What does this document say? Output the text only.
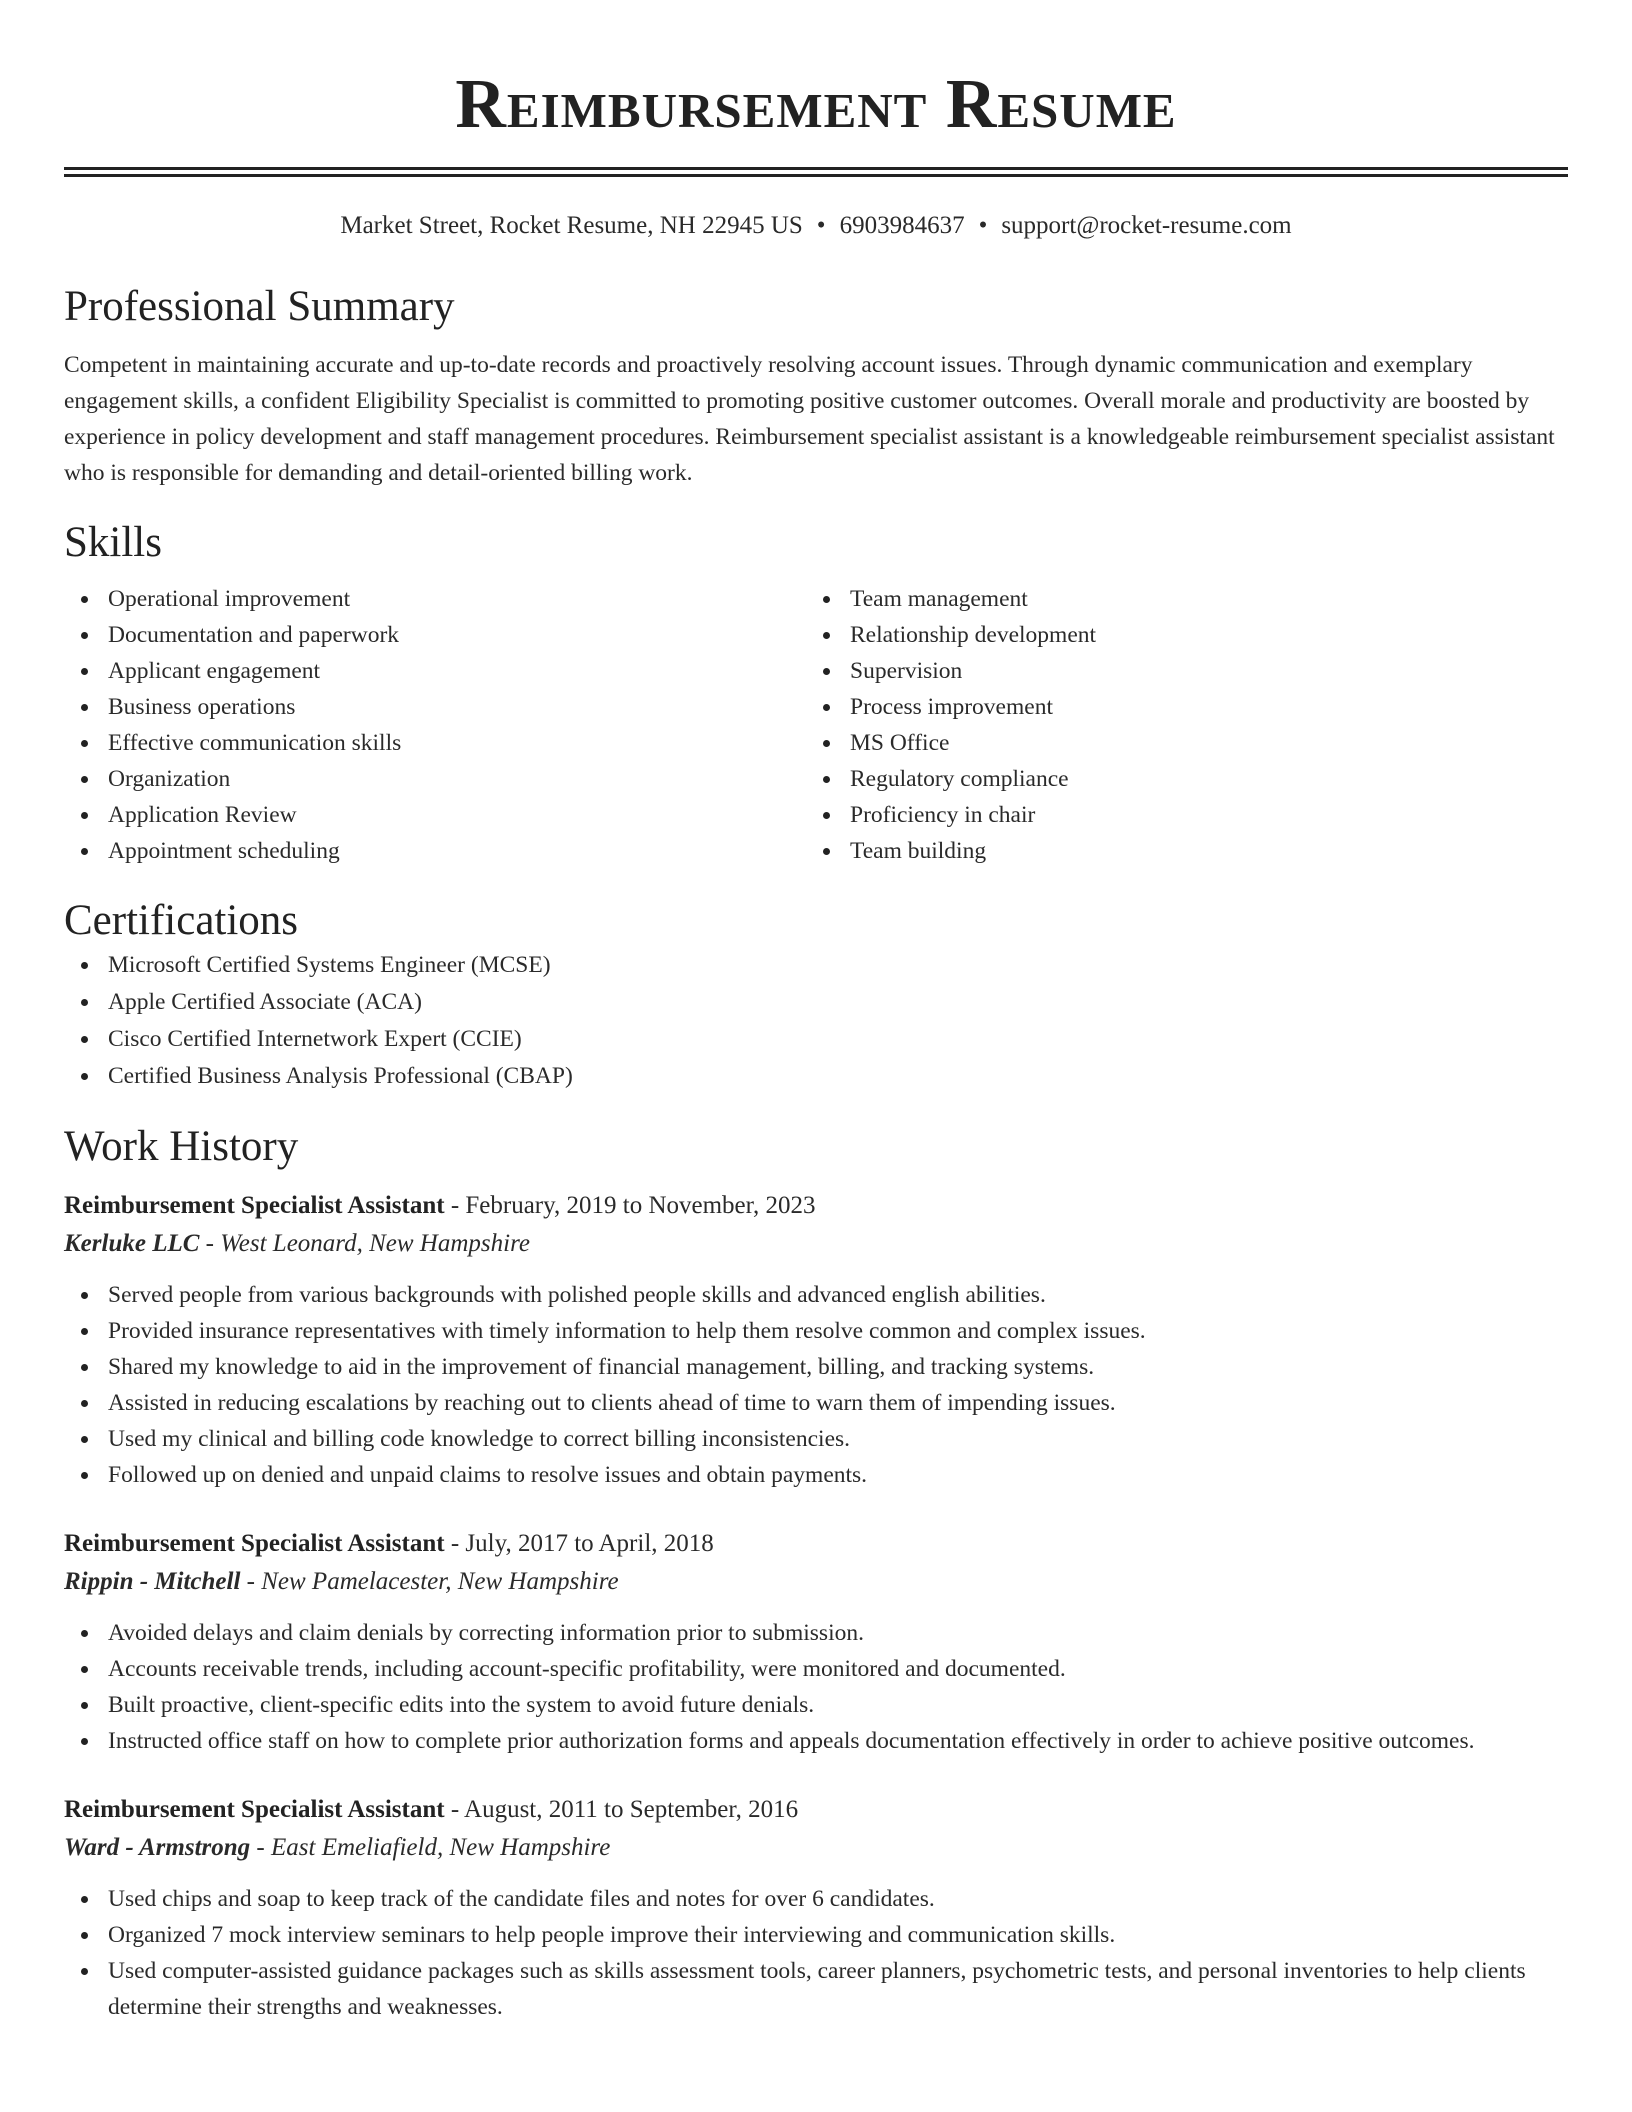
Reimbursement Resume
Market Street, Rocket Resume, NH 22945 US • 6903984637 • support@rocket-resume.com
Professional Summary

Competent in maintaining accurate and up-to-date records and proactively resolving account issues. Through dynamic communication and exemplary engagement skills, a confident Eligibility Specialist is committed to promoting positive customer outcomes. Overall morale and productivity are boosted by experience in policy development and staff management procedures. Reimbursement specialist assistant is a knowledgeable reimbursement specialist assistant who is responsible for demanding and detail-oriented billing work.

Skills
Operational improvement
Documentation and paperwork
Applicant engagement
Business operations
Effective communication skills
Organization
Application Review
Appointment scheduling
Team management
Relationship development
Supervision
Process improvement
MS Office
Regulatory compliance
Proficiency in chair
Team building
Certifications
Microsoft Certified Systems Engineer (MCSE)
Apple Certified Associate (ACA)
Cisco Certified Internetwork Expert (CCIE)
Certified Business Analysis Professional (CBAP)
Work History
Reimbursement Specialist Assistant - February, 2019 to November, 2023
Kerluke LLC - West Leonard, New Hampshire
Served people from various backgrounds with polished people skills and advanced english abilities.
Provided insurance representatives with timely information to help them resolve common and complex issues.
Shared my knowledge to aid in the improvement of financial management, billing, and tracking systems.
Assisted in reducing escalations by reaching out to clients ahead of time to warn them of impending issues.
Used my clinical and billing code knowledge to correct billing inconsistencies.
Followed up on denied and unpaid claims to resolve issues and obtain payments.
Reimbursement Specialist Assistant - July, 2017 to April, 2018
Rippin - Mitchell - New Pamelacester, New Hampshire
Avoided delays and claim denials by correcting information prior to submission.
Accounts receivable trends, including account-specific profitability, were monitored and documented.
Built proactive, client-specific edits into the system to avoid future denials.
Instructed office staff on how to complete prior authorization forms and appeals documentation effectively in order to achieve positive outcomes.
Reimbursement Specialist Assistant - August, 2011 to September, 2016
Ward - Armstrong - East Emeliafield, New Hampshire
Used chips and soap to keep track of the candidate files and notes for over 6 candidates.
Organized 7 mock interview seminars to help people improve their interviewing and communication skills.
Used computer-assisted guidance packages such as skills assessment tools, career planners, psychometric tests, and personal inventories to help clients determine their strengths and weaknesses.
